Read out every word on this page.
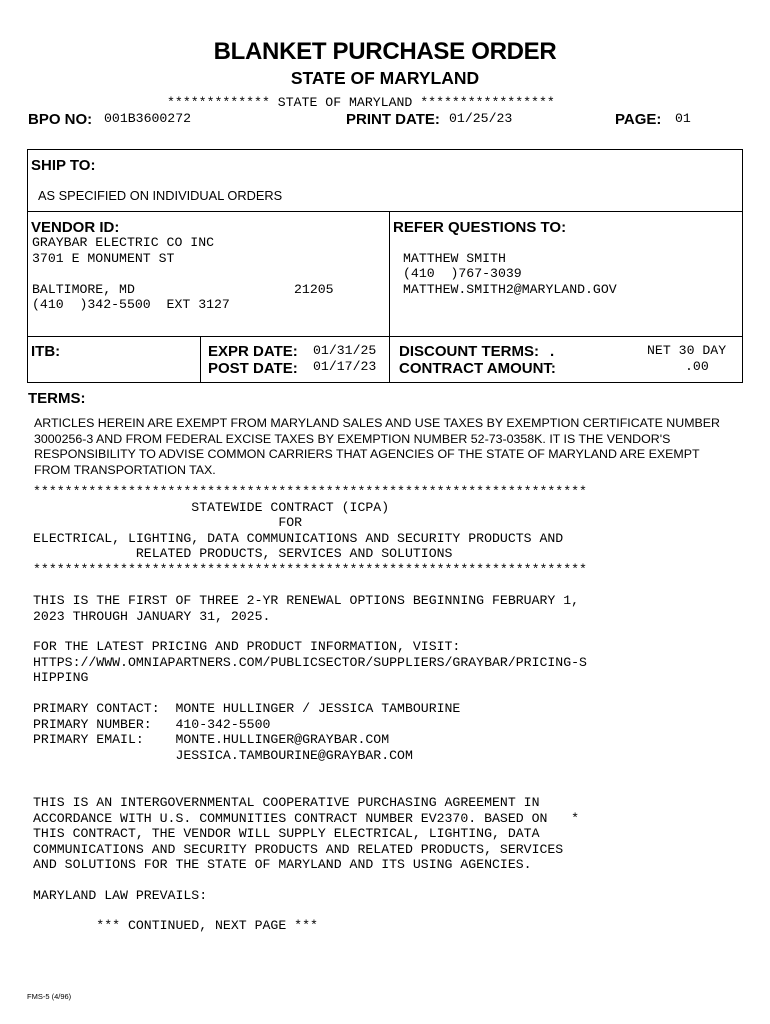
BLANKET PURCHASE ORDER
STATE OF MARYLAND
************* STATE OF MARYLAND *****************
BPO NO: 001B3600272	PRINT DATE: 01/25/23	PAGE: 01
SHIP TO:
AS SPECIFIED ON INDIVIDUAL ORDERS
VENDOR ID:
GRAYBAR ELECTRIC CO INC
3701 E MONUMENT ST
BALTIMORE, MD	21205
(410  )342-5500  EXT 3127
REFER QUESTIONS TO:
MATTHEW SMITH
(410  )767-3039
MATTHEW.SMITH2@MARYLAND.GOV
ITB:	EXPR DATE: 01/31/25
POST DATE: 01/17/23
DISCOUNT TERMS: .	NET 30 DAY
CONTRACT AMOUNT:	.00
TERMS:
ARTICLES HEREIN ARE EXEMPT FROM MARYLAND SALES AND USE TAXES BY EXEMPTION CERTIFICATE NUMBER 3000256-3 AND FROM FEDERAL EXCISE TAXES BY EXEMPTION NUMBER 52-73-0358K. IT IS THE VENDOR'S RESPONSIBILITY TO ADVISE COMMON CARRIERS THAT AGENCIES OF THE STATE OF MARYLAND ARE EXEMPT FROM TRANSPORTATION TAX.
**********************************************************************
STATEWIDE CONTRACT (ICPA)
FOR
ELECTRICAL, LIGHTING, DATA COMMUNICATIONS AND SECURITY PRODUCTS AND
RELATED PRODUCTS, SERVICES AND SOLUTIONS
**********************************************************************
THIS IS THE FIRST OF THREE 2-YR RENEWAL OPTIONS BEGINNING FEBRUARY 1,
2023 THROUGH JANUARY 31, 2025.
FOR THE LATEST PRICING AND PRODUCT INFORMATION, VISIT:
HTTPS://WWW.OMNIAPARTNERS.COM/PUBLICSECTOR/SUPPLIERS/GRAYBAR/PRICING-S
HIPPING
PRIMARY CONTACT:  MONTE HULLINGER / JESSICA TAMBOURINE
PRIMARY NUMBER:   410-342-5500
PRIMARY EMAIL:    MONTE.HULLINGER@GRAYBAR.COM
JESSICA.TAMBOURINE@GRAYBAR.COM
THIS IS AN INTERGOVERNMENTAL COOPERATIVE PURCHASING AGREEMENT IN
ACCORDANCE WITH U.S. COMMUNITIES CONTRACT NUMBER EV2370. BASED ON   *
THIS CONTRACT, THE VENDOR WILL SUPPLY ELECTRICAL, LIGHTING, DATA
COMMUNICATIONS AND SECURITY PRODUCTS AND RELATED PRODUCTS, SERVICES
AND SOLUTIONS FOR THE STATE OF MARYLAND AND ITS USING AGENCIES.
MARYLAND LAW PREVAILS:
*** CONTINUED, NEXT PAGE ***
FMS-5 (4/96)
